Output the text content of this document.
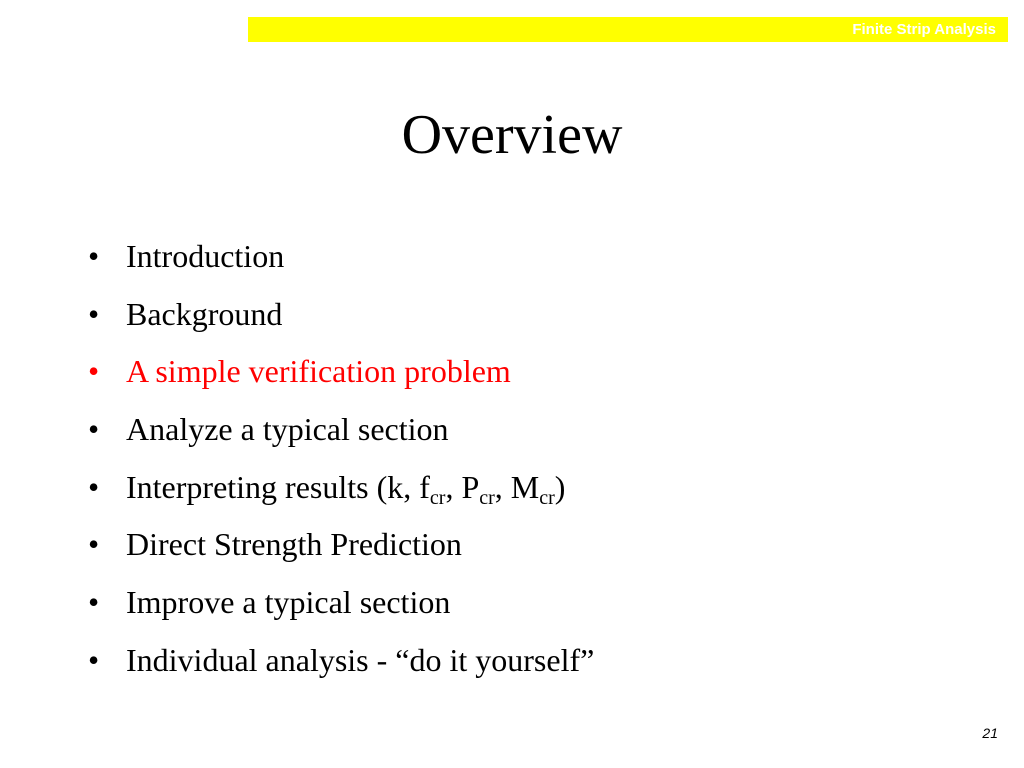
Finite Strip Analysis
Overview
• Introduction
• Background
• A simple verification problem
• Analyze a typical section
• Interpreting results (k, $f_{cr}$, $P_{cr}$, $M_{cr}$)
• Direct Strength Prediction
• Improve a typical section
• Individual analysis - “do it yourself”
21
